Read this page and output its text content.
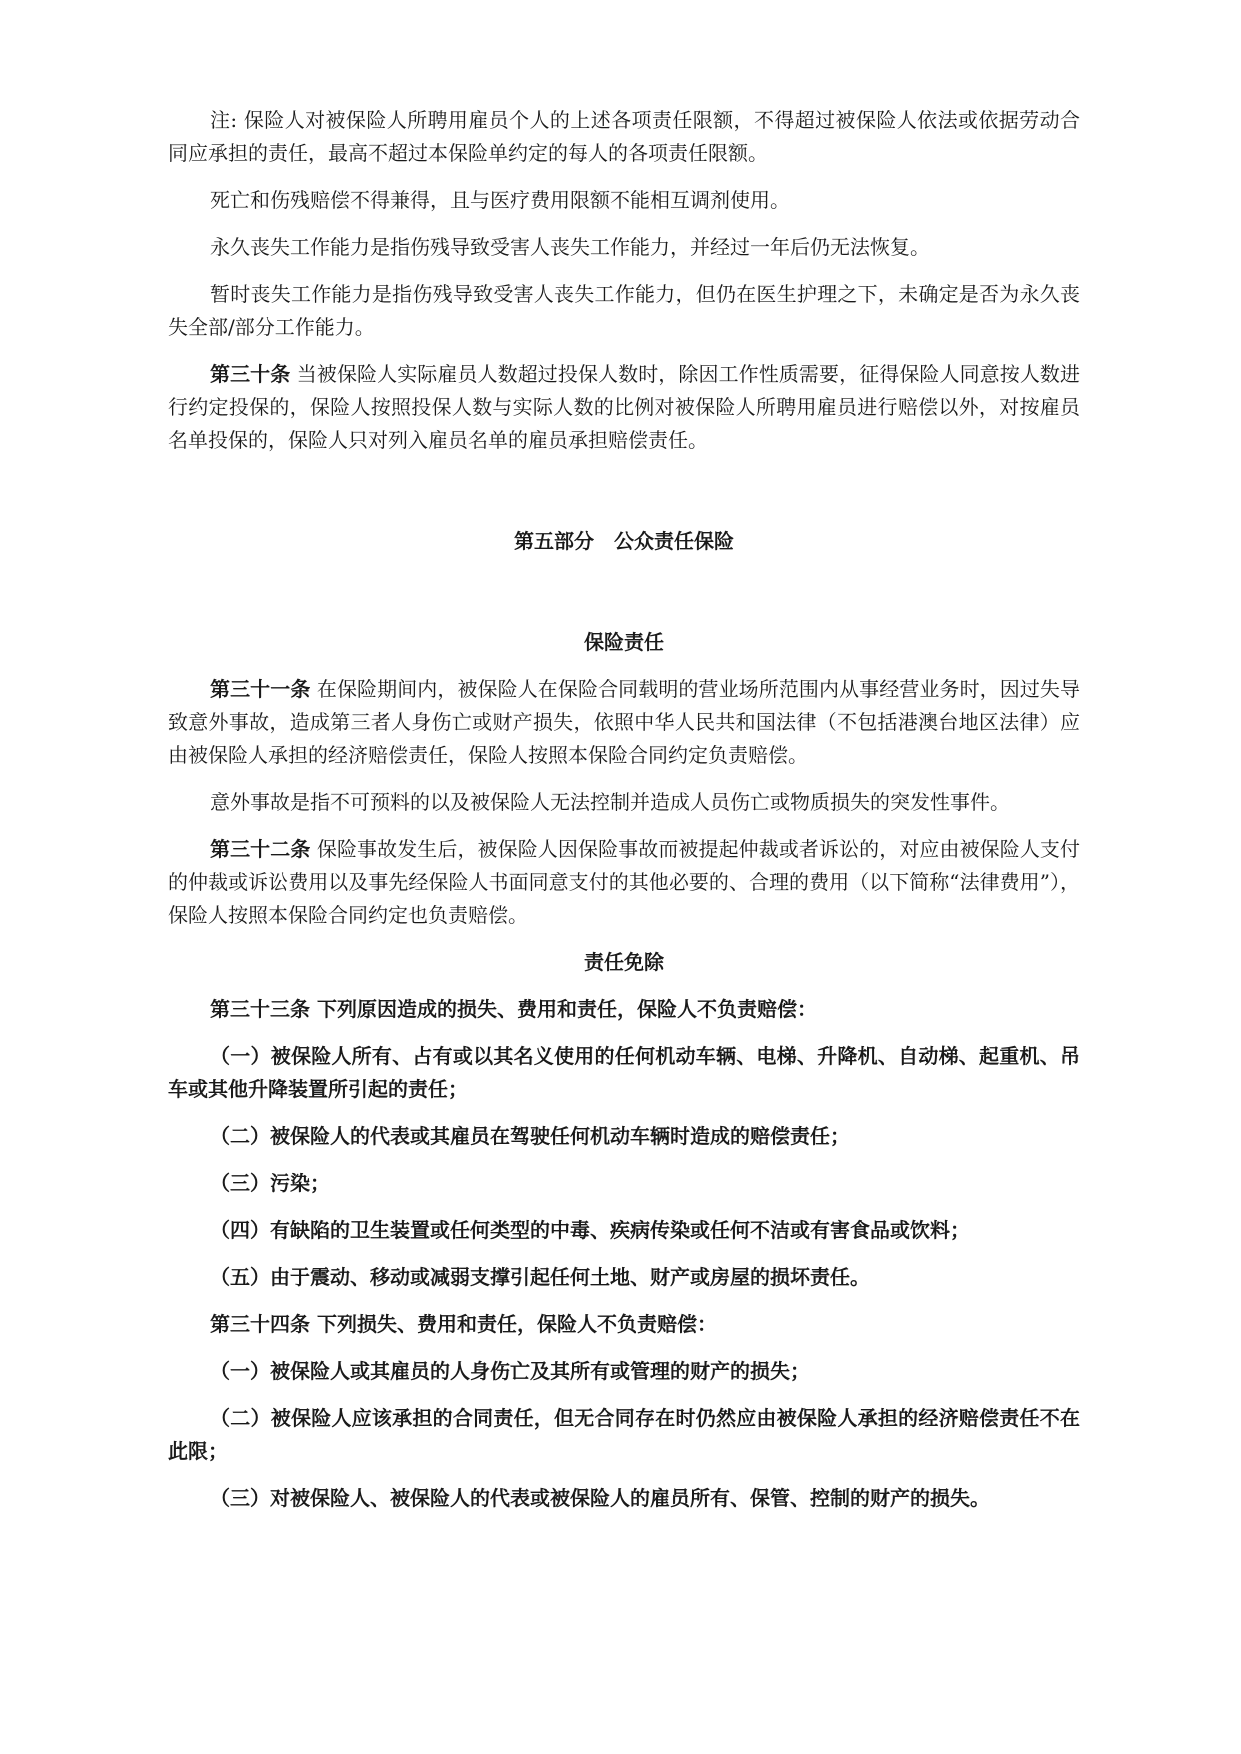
注: 保险人对被保险人所聘用雇员个人的上述各项责任限额，不得超过被保险人依法或依据劳动合同应承担的责任，最高不超过本保险单约定的每人的各项责任限额。

死亡和伤残赔偿不得兼得，且与医疗费用限额不能相互调剂使用。

永久丧失工作能力是指伤残导致受害人丧失工作能力，并经过一年后仍无法恢复。

暂时丧失工作能力是指伤残导致受害人丧失工作能力，但仍在医生护理之下，未确定是否为永久丧失全部/部分工作能力。

第三十条 当被保险人实际雇员人数超过投保人数时，除因工作性质需要，征得保险人同意按人数进行约定投保的，保险人按照投保人数与实际人数的比例对被保险人所聘用雇员进行赔偿以外，对按雇员名单投保的，保险人只对列入雇员名单的雇员承担赔偿责任。

第五部分　公众责任保险
保险责任

第三十一条 在保险期间内，被保险人在保险合同载明的营业场所范围内从事经营业务时，因过失导致意外事故，造成第三者人身伤亡或财产损失，依照中华人民共和国法律（不包括港澳台地区法律）应由被保险人承担的经济赔偿责任，保险人按照本保险合同约定负责赔偿。

意外事故是指不可预料的以及被保险人无法控制并造成人员伤亡或物质损失的突发性事件。

第三十二条 保险事故发生后，被保险人因保险事故而被提起仲裁或者诉讼的，对应由被保险人支付的仲裁或诉讼费用以及事先经保险人书面同意支付的其他必要的、合理的费用（以下简称“法律费用”），保险人按照本保险合同约定也负责赔偿。

责任免除

第三十三条 下列原因造成的损失、费用和责任，保险人不负责赔偿：

（一）被保险人所有、占有或以其名义使用的任何机动车辆、电梯、升降机、自动梯、起重机、吊车或其他升降装置所引起的责任；

（二）被保险人的代表或其雇员在驾驶任何机动车辆时造成的赔偿责任；

（三）污染；

（四）有缺陷的卫生装置或任何类型的中毒、疾病传染或任何不洁或有害食品或饮料；

（五）由于震动、移动或减弱支撑引起任何土地、财产或房屋的损坏责任。

第三十四条 下列损失、费用和责任，保险人不负责赔偿：

（一）被保险人或其雇员的人身伤亡及其所有或管理的财产的损失；

（二）被保险人应该承担的合同责任，但无合同存在时仍然应由被保险人承担的经济赔偿责任不在此限；

（三）对被保险人、被保险人的代表或被保险人的雇员所有、保管、控制的财产的损失。
